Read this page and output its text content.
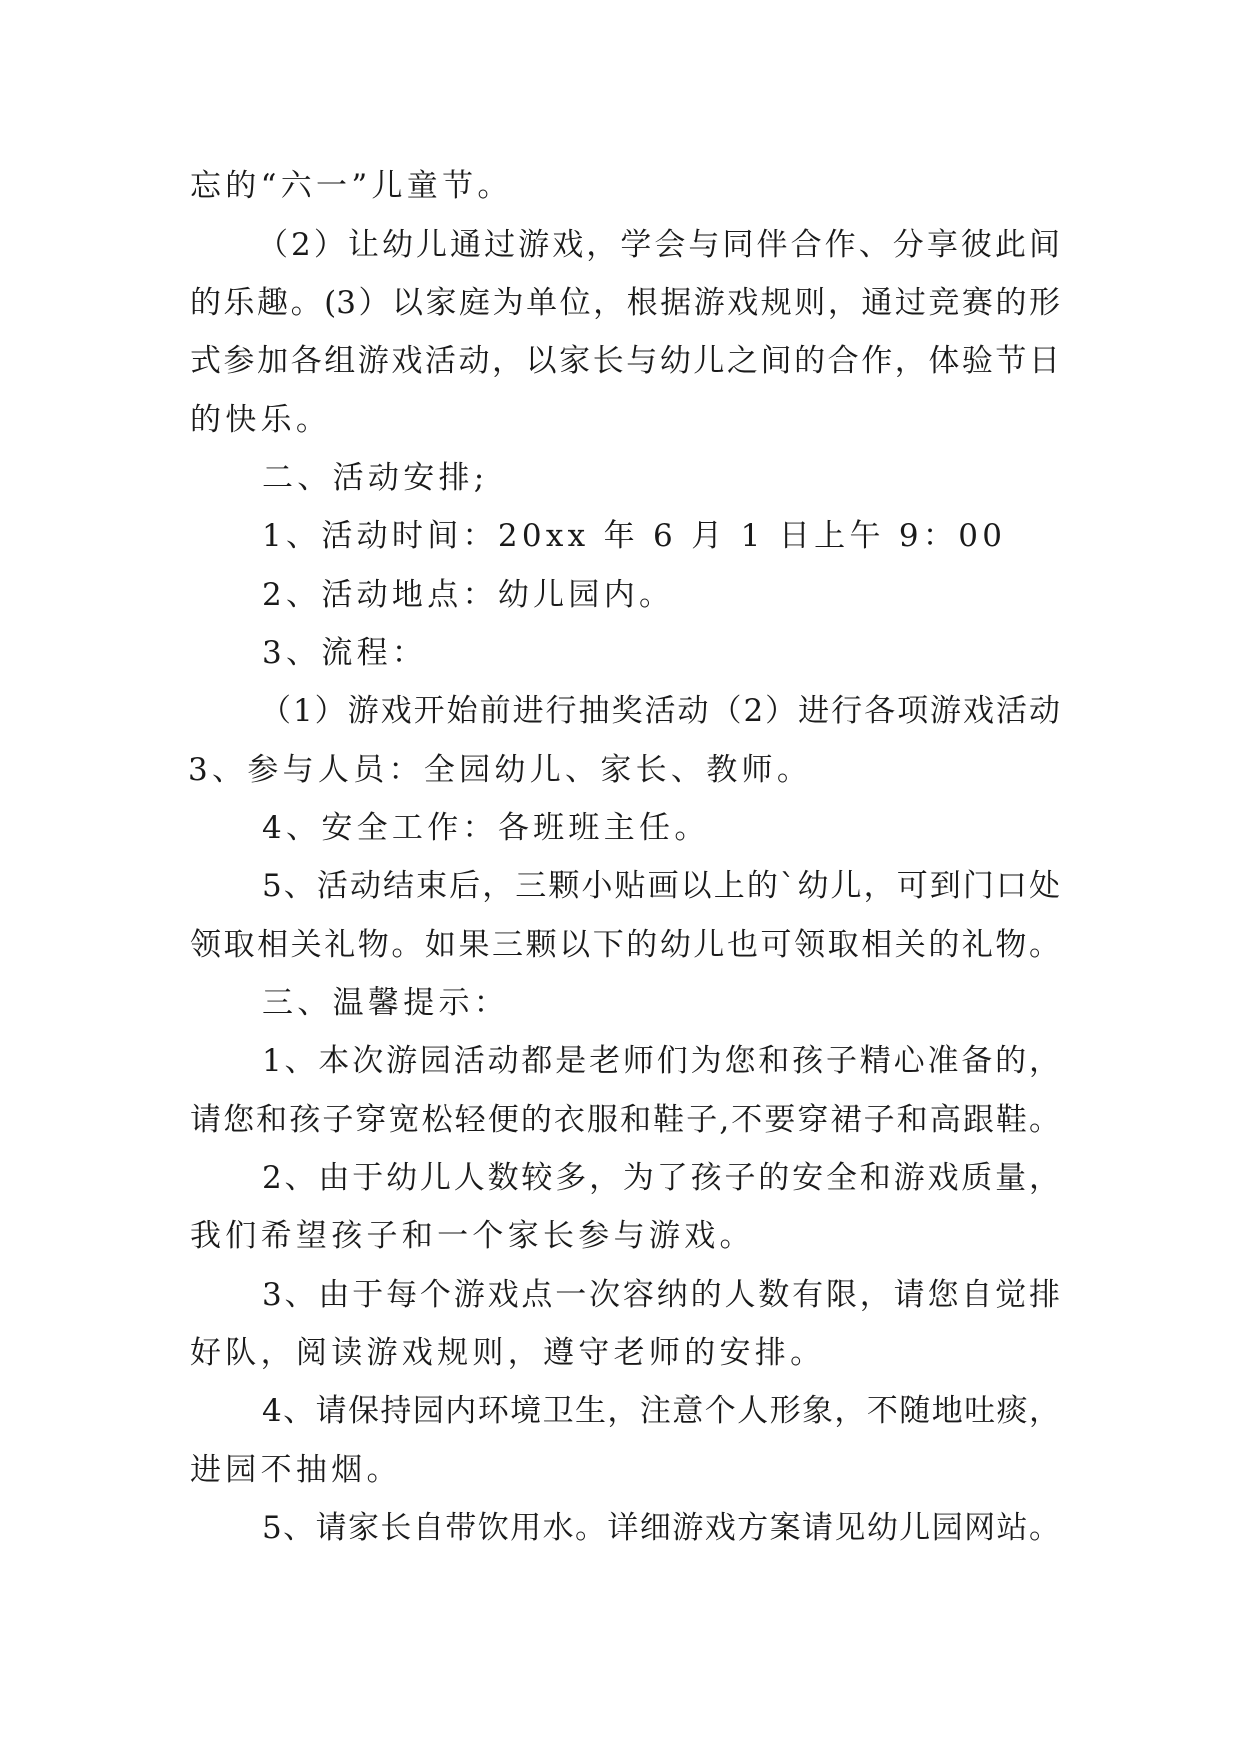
忘的“六一”儿童节。
（2）让幼儿通过游戏，学会与同伴合作、分享彼此间
的乐趣。(3）以家庭为单位，根据游戏规则，通过竞赛的形
式参加各组游戏活动，以家长与幼儿之间的合作，体验节日
的快乐。
二、活动安排;
1、活动时间：20xx 年 6 月 1 日上午 9：00
2、活动地点：幼儿园内。
3、流程：
（1）游戏开始前进行抽奖活动（2）进行各项游戏活动
3、参与人员：全园幼儿、家长、教师。
4、安全工作：各班班主任。
5、活动结束后，三颗小贴画以上的`幼儿，可到门口处
领取相关礼物。如果三颗以下的幼儿也可领取相关的礼物。
三、温馨提示：
1、本次游园活动都是老师们为您和孩子精心准备的，
请您和孩子穿宽松轻便的衣服和鞋子,不要穿裙子和高跟鞋。
2、由于幼儿人数较多，为了孩子的安全和游戏质量，
我们希望孩子和一个家长参与游戏。
3、由于每个游戏点一次容纳的人数有限，请您自觉排
好队，阅读游戏规则，遵守老师的安排。
4、请保持园内环境卫生，注意个人形象，不随地吐痰，
进园不抽烟。
5、请家长自带饮用水。详细游戏方案请见幼儿园网站。
